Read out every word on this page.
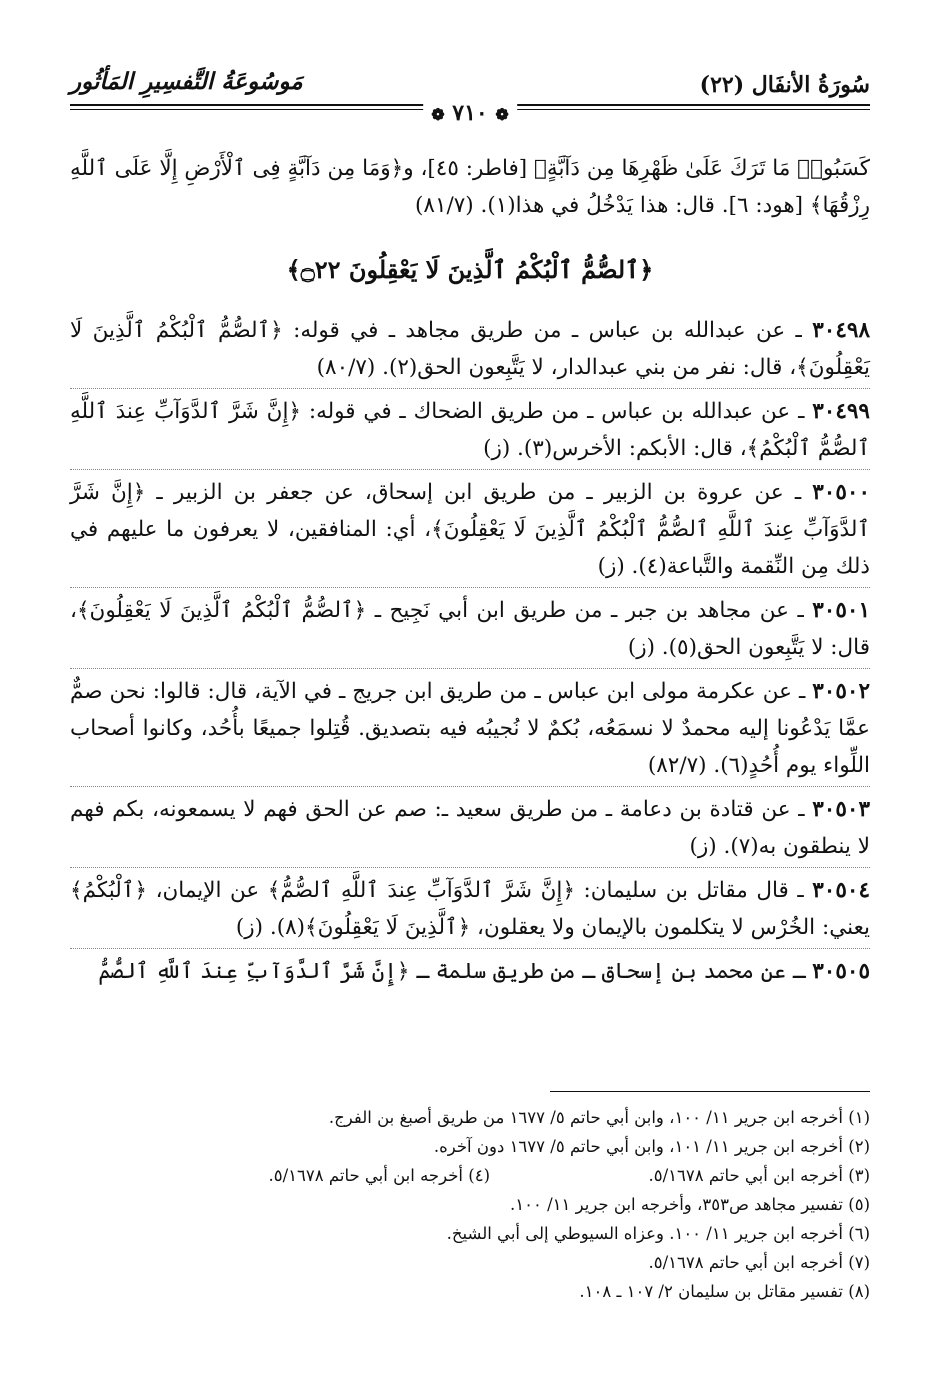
سُورَةُ الأنفَال (٢٢)
مَوسُوعَةُ التَّفسِيرِ المَأثُور
❁ ٧١٠ ❁

كَسَبُوا۟ مَا تَرَكَ عَلَىٰ ظَهْرِهَا مِن دَآبَّةٍ﴾ [فاطر: ٤٥]، و﴿وَمَا مِن دَآبَّةٍ فِى ٱلْأَرْضِ إِلَّا عَلَى ٱللَّهِ رِزْقُهَا﴾ [هود: ٦]. قال: هذا يَدْخُلُ في هذا(١). (٨١/٧)

﴿ٱلصُّمُّ ٱلْبُكْمُ ٱلَّذِينَ لَا يَعْقِلُونَ ۝٢٢﴾

٣٠٤٩٨ ـ عن عبدالله بن عباس ـ من طريق مجاهد ـ في قوله: ﴿ٱلصُّمُّ ٱلْبُكْمُ ٱلَّذِينَ لَا يَعْقِلُونَ﴾، قال: نفر من بني عبدالدار، لا يَتَّبِعون الحق(٢). (٨٠/٧)

٣٠٤٩٩ ـ عن عبدالله بن عباس ـ من طريق الضحاك ـ في قوله: ﴿إِنَّ شَرَّ ٱلدَّوَآبِّ عِندَ ٱللَّهِ ٱلصُّمُّ ٱلْبُكْمُ﴾، قال: الأبكم: الأخرس(٣). (ز)

٣٠٥٠٠ ـ عن عروة بن الزبير ـ من طريق ابن إسحاق، عن جعفر بن الزبير ـ ﴿إِنَّ شَرَّ ٱلدَّوَآبِّ عِندَ ٱللَّهِ ٱلصُّمُّ ٱلْبُكْمُ ٱلَّذِينَ لَا يَعْقِلُونَ﴾، أي: المنافقين، لا يعرفون ما عليهم في ذلك مِن النِّقمة والتَّباعة(٤). (ز)

٣٠٥٠١ ـ عن مجاهد بن جبر ـ من طريق ابن أبي نَجِيح ـ ﴿ٱلصُّمُّ ٱلْبُكْمُ ٱلَّذِينَ لَا يَعْقِلُونَ﴾، قال: لا يَتَّبِعون الحق(٥). (ز)

٣٠٥٠٢ ـ عن عكرمة مولى ابن عباس ـ من طريق ابن جريج ـ في الآية، قال: قالوا: نحن صمٌّ عمَّا يَدْعُونا إليه محمدٌ لا نسمَعُه، بُكمٌ لا نُجيبُه فيه بتصديق. قُتِلوا جميعًا بأُحُد، وكانوا أصحاب اللِّواء يوم أُحُدٍ(٦). (٨٢/٧)

٣٠٥٠٣ ـ عن قتادة بن دعامة ـ من طريق سعيد ـ: صم عن الحق فهم لا يسمعونه، بكم فهم لا ينطقون به(٧). (ز)

٣٠٥٠٤ ـ قال مقاتل بن سليمان: ﴿إِنَّ شَرَّ ٱلدَّوَآبِّ عِندَ ٱللَّهِ ٱلصُّمُّ﴾ عن الإيمان، ﴿ٱلْبُكْمُ﴾ يعني: الخُرْس لا يتكلمون بالإيمان ولا يعقلون، ﴿ٱلَّذِينَ لَا يَعْقِلُونَ﴾(٨). (ز)

٣٠٥٠٥ ـ عن محمد بن إسحاق ـ من طريق سلمة ـ ﴿إِنَّ شَرَّ ٱلدَّوَآبِّ عِندَ ٱللَّهِ ٱلصُّمُّ

(١) أخرجه ابن جرير ١١/ ١٠٠، وابن أبي حاتم ٥/ ١٦٧٧ من طريق أصبغ بن الفرج.
(٢) أخرجه ابن جرير ١١/ ١٠١، وابن أبي حاتم ٥/ ١٦٧٧ دون آخره.
(٣) أخرجه ابن أبي حاتم ٥/١٦٧٨.
(٤) أخرجه ابن أبي حاتم ٥/١٦٧٨.
(٥) تفسير مجاهد ص٣٥٣، وأخرجه ابن جرير ١١/ ١٠٠.
(٦) أخرجه ابن جرير ١١/ ١٠٠. وعزاه السيوطي إلى أبي الشيخ.
(٧) أخرجه ابن أبي حاتم ٥/١٦٧٨.
(٨) تفسير مقاتل بن سليمان ٢/ ١٠٧ ـ ١٠٨.
